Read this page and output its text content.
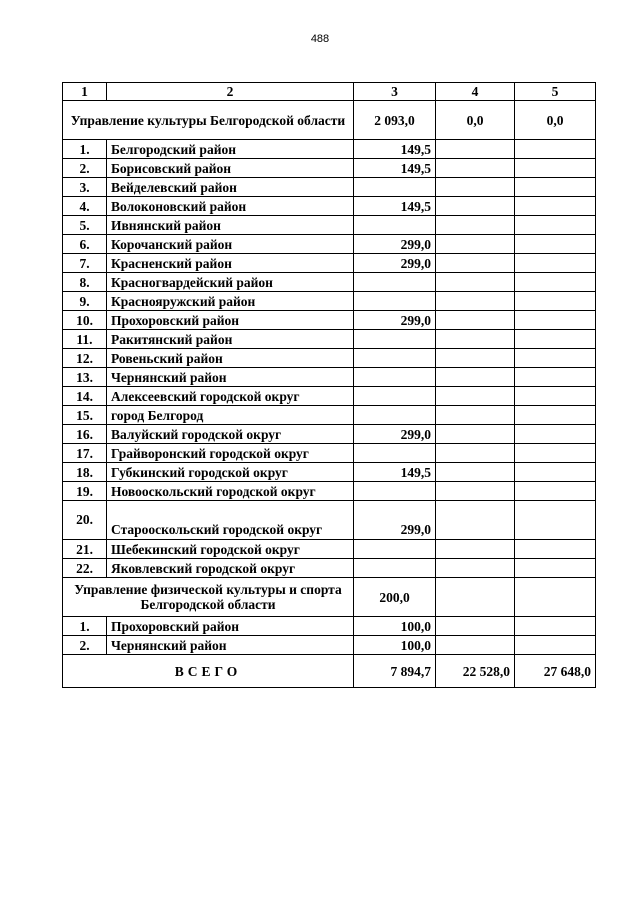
488
1	2	3	4	5
Управление культуры Белгородской области		2 093,0	0,0	0,0
1.	Белгородский район	149,5		
2.	Борисовский район	149,5		
3.	Вейделевский район			
4.	Волоконовский район	149,5		
5.	Ивнянский район			
6.	Корочанский район	299,0		
7.	Красненский район	299,0		
8.	Красногвардейский район			
9.	Краснояружский район			
10.	Прохоровский район	299,0		
11.	Ракитянский район			
12.	Ровеньский район			
13.	Чернянский район			
14.	Алексеевский городской округ			
15.	город Белгород			
16.	Валуйский городской округ	299,0		
17.	Грайворонский городской округ			
18.	Губкинский городской округ	149,5		
19.	Новооскольский городской округ			
20.	Старооскольский городской округ	299,0		
21.	Шебекинский городской округ			
22.	Яковлевский городской округ			
Управление физической культуры и спорта Белгородской области		200,0		
1.	Прохоровский район	100,0		
2.	Чернянский район	100,0		
ВСЕГО		7 894,7	22 528,0	27 648,0
